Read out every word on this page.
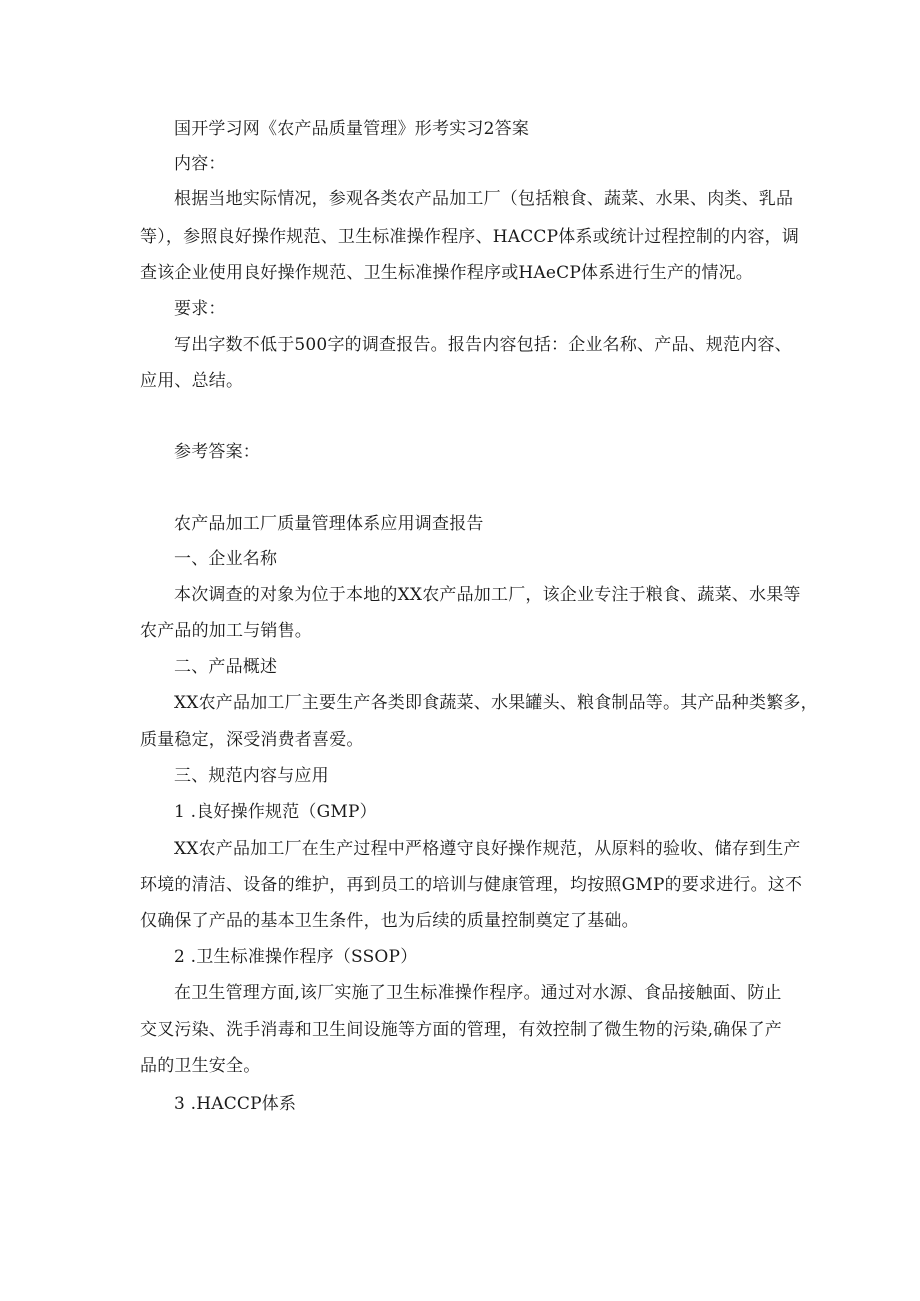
国开学习网《农产品质量管理》形考实习2答案
内容：
根据当地实际情况，参观各类农产品加工厂（包括粮食、蔬菜、水果、肉类、乳品
等），参照良好操作规范、卫生标准操作程序、HACCP体系或统计过程控制的内容，调
查该企业使用良好操作规范、卫生标准操作程序或HAeCP体系进行生产的情况。
要求：
写出字数不低于500字的调查报告。报告内容包括：企业名称、产品、规范内容、
应用、总结。
参考答案：
农产品加工厂质量管理体系应用调查报告
一、企业名称
本次调查的对象为位于本地的XX农产品加工厂，该企业专注于粮食、蔬菜、水果等
农产品的加工与销售。
二、产品概述
XX农产品加工厂主要生产各类即食蔬菜、水果罐头、粮食制品等。其产品种类繁多，
质量稳定，深受消费者喜爱。
三、规范内容与应用
1 .良好操作规范（GMP）
XX农产品加工厂在生产过程中严格遵守良好操作规范，从原料的验收、储存到生产
环境的清洁、设备的维护，再到员工的培训与健康管理，均按照GMP的要求进行。这不
仅确保了产品的基本卫生条件，也为后续的质量控制奠定了基础。
2 .卫生标准操作程序（SSOP）
在卫生管理方面,该厂实施了卫生标准操作程序。通过对水源、食品接触面、防止
交叉污染、洗手消毒和卫生间设施等方面的管理，有效控制了微生物的污染,确保了产
品的卫生安全。
3 .HACCP体系
